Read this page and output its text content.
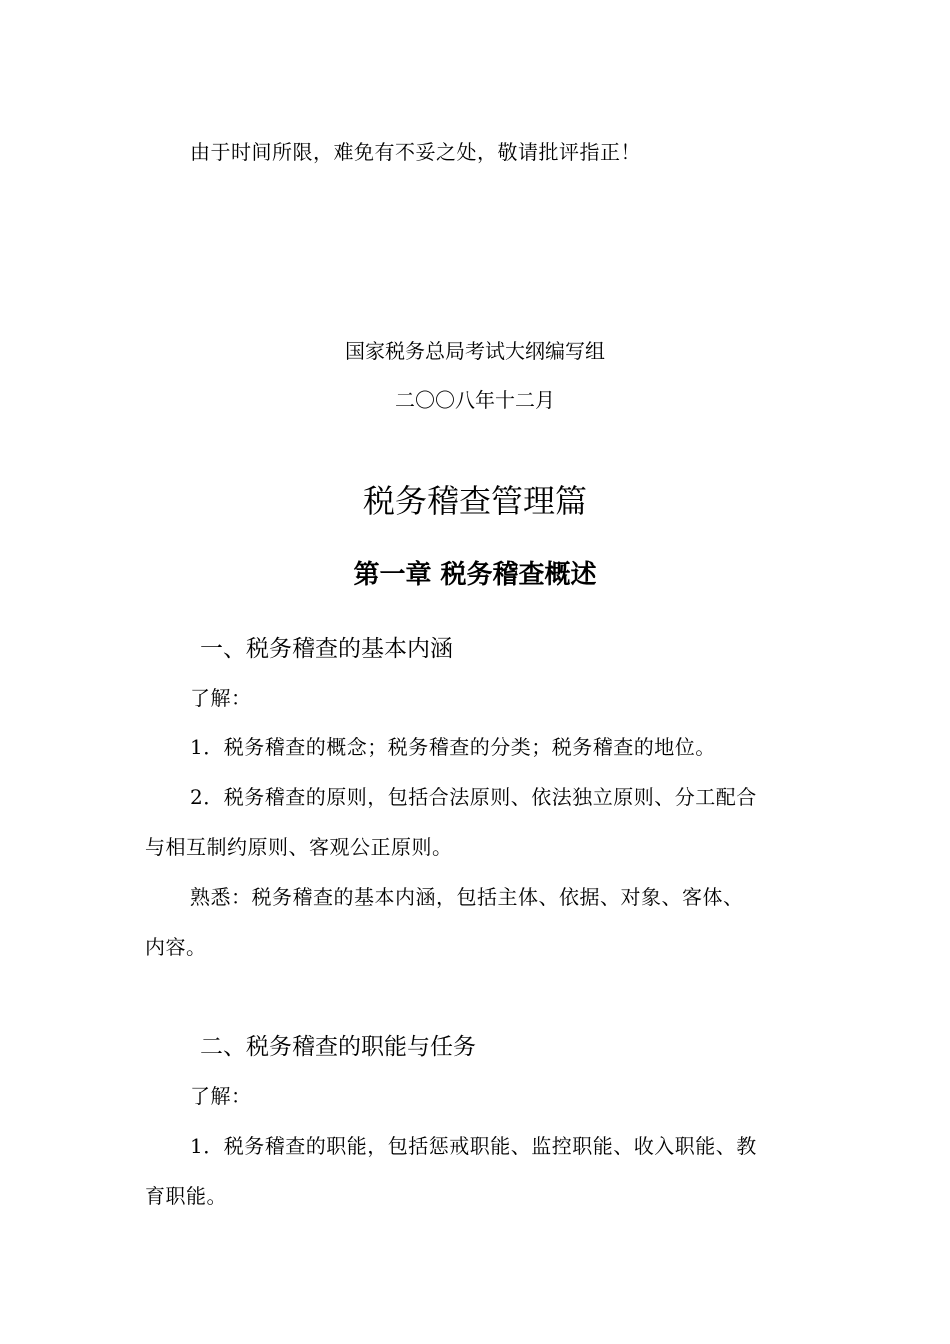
由于时间所限，难免有不妥之处，敬请批评指正！
国家税务总局考试大纲编写组
二〇〇八年十二月
税务稽查管理篇
第一章 税务稽查概述
一、税务稽查的基本内涵
了解：
1．税务稽查的概念；税务稽查的分类；税务稽查的地位。
2．税务稽查的原则，包括合法原则、依法独立原则、分工配合
与相互制约原则、客观公正原则。
熟悉：税务稽查的基本内涵，包括主体、依据、对象、客体、
内容。
二、税务稽查的职能与任务
了解：
1．税务稽查的职能，包括惩戒职能、监控职能、收入职能、教
育职能。
